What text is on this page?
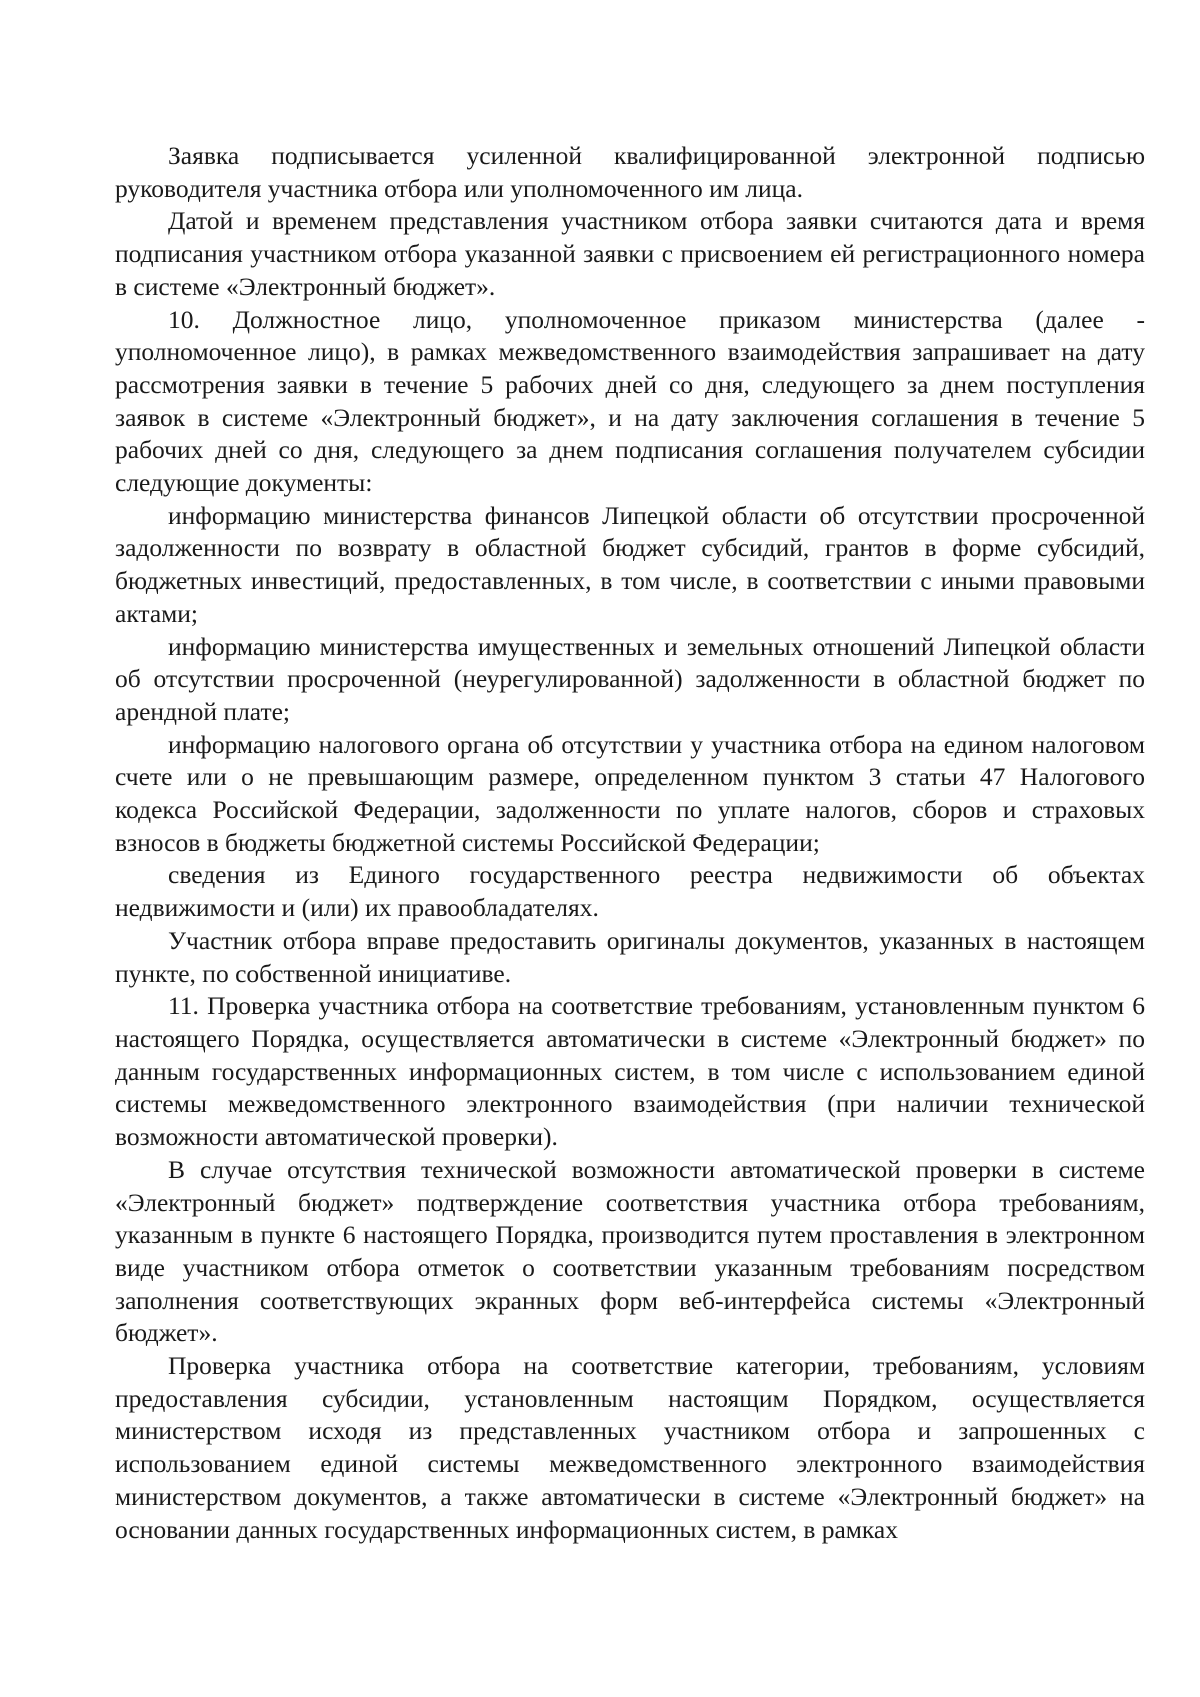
Заявка подписывается усиленной квалифицированной электронной подписью руководителя участника отбора или уполномоченного им лица.

Датой и временем представления участником отбора заявки считаются дата и время подписания участником отбора указанной заявки с присвоением ей регистрационного номера в системе «Электронный бюджет».

10. Должностное лицо, уполномоченное приказом министерства (далее - уполномоченное лицо), в рамках межведомственного взаимодействия запрашивает на дату рассмотрения заявки в течение 5 рабочих дней со дня, следующего за днем поступления заявок в системе «Электронный бюджет», и на дату заключения соглашения в течение 5 рабочих дней со дня, следующего за днем подписания соглашения получателем субсидии следующие документы:

информацию министерства финансов Липецкой области об отсутствии просроченной задолженности по возврату в областной бюджет субсидий, грантов в форме субсидий, бюджетных инвестиций, предоставленных, в том числе, в соответствии с иными правовыми актами;

информацию министерства имущественных и земельных отношений Липецкой области об отсутствии просроченной (неурегулированной) задолженности в областной бюджет по арендной плате;

информацию налогового органа об отсутствии у участника отбора на едином налоговом счете или о не превышающим размере, определенном пунктом 3 статьи 47 Налогового кодекса Российской Федерации, задолженности по уплате налогов, сборов и страховых взносов в бюджеты бюджетной системы Российской Федерации;

сведения из Единого государственного реестра недвижимости об объектах недвижимости и (или) их правообладателях.

Участник отбора вправе предоставить оригиналы документов, указанных в настоящем пункте, по собственной инициативе.

11. Проверка участника отбора на соответствие требованиям, установленным пунктом 6 настоящего Порядка, осуществляется автоматически в системе «Электронный бюджет» по данным государственных информационных систем, в том числе с использованием единой системы межведомственного электронного взаимодействия (при наличии технической возможности автоматической проверки).

В случае отсутствия технической возможности автоматической проверки в системе «Электронный бюджет» подтверждение соответствия участника отбора требованиям, указанным в пункте 6 настоящего Порядка, производится путем проставления в электронном виде участником отбора отметок о соответствии указанным требованиям посредством заполнения соответствующих экранных форм веб-интерфейса системы «Электронный бюджет».

Проверка участника отбора на соответствие категории, требованиям, условиям предоставления субсидии, установленным настоящим Порядком, осуществляется министерством исходя из представленных участником отбора и запрошенных с использованием единой системы межведомственного электронного взаимодействия министерством документов, а также автоматически в системе «Электронный бюджет» на основании данных государственных информационных систем, в рамках
